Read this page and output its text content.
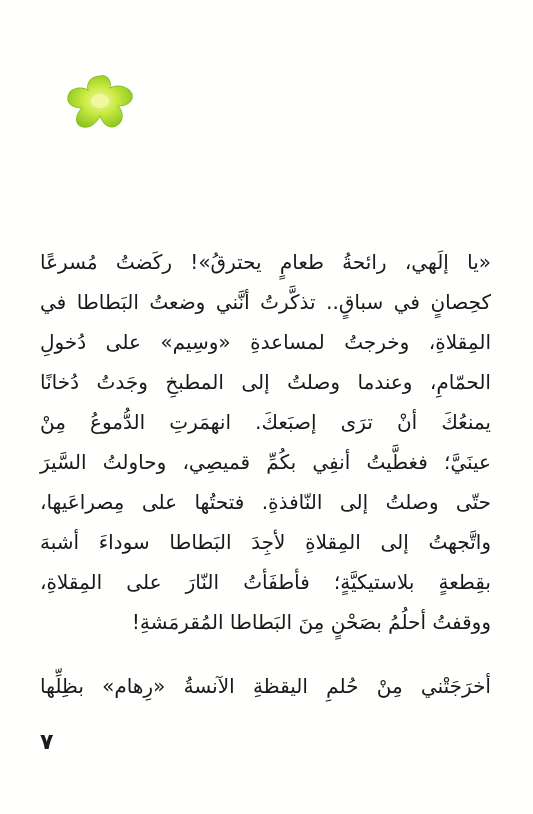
«يا إلَهي، رائحةُ طعامٍ يحترقُ»! ركَضتُ مُسرعًا
كحِصانٍ في سباقٍ.. تذكَّرتُ أنَّني وضعتُ البَطاطا في
المِقلاةِ، وخرجتُ لمساعدةِ «وسِيم» على دُخولِ
الحمّامِ، وعندما وصلتُ إلى المطبخِ وجَدتُ دُخانًا
يمنعُكَ أنْ ترَى إصبَعكَ. انهمَرتِ الدُّموعُ مِنْ
عينَيَّ؛ فغطَّيتُ أنفِي بكُمِّ قميصِي، وحاولتُ السَّيرَ
حتّى وصلتُ إلى النّافذةِ. فتحتُها على مِصراعَيها،
واتَّجهتُ إلى المِقلاةِ لأجِدَ البَطاطا سوداءَ أشبهَ
بقِطعةٍ بلاستيكيَّةٍ؛ فأطفَأتُ النّارَ على المِقلاةِ،
ووقفتُ أحلُمُ بصَحْنٍ مِنَ البَطاطا المُقرمَشةِ!
أخرَجَتْني مِنْ حُلمِ اليقظةِ الآنسةُ «رِهام» بظِلِّها
٧
